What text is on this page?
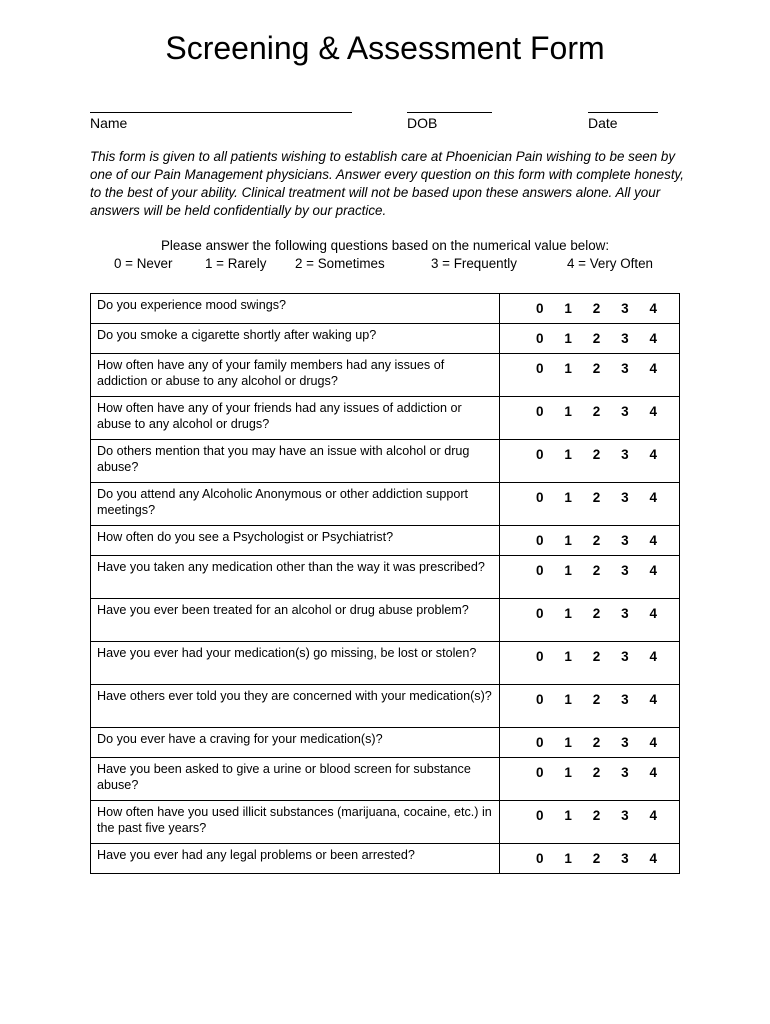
Screening & Assessment Form
Name	DOB	Date

This form is given to all patients wishing to establish care at Phoenician Pain wishing to be seen by one of our Pain Management physicians. Answer every question on this form with complete honesty, to the best of your ability. Clinical treatment will not be based upon these answers alone. All your answers will be held confidentially by our practice.

Please answer the following questions based on the numerical value below:
0 = Never 1 = Rarely 2 = Sometimes	3 = Frequently	4 = Very Often
Do you experience mood swings?	0 1 2 3 4

Do you smoke a cigarette shortly after waking up?	0 1 2 3 4

How often have any of your family members had any issues of addiction or abuse to any alcohol or drugs?	0 1 2 3 4

How often have any of your friends had any issues of addiction or abuse to any alcohol or drugs?	0 1 2 3 4

Do others mention that you may have an issue with alcohol or drug abuse?	0 1 2 3 4

Do you attend any Alcoholic Anonymous or other addiction support meetings?	0 1 2 3 4

How often do you see a Psychologist or Psychiatrist?	0 1 2 3 4

Have you taken any medication other than the way it was prescribed?	0 1 2 3 4

Have you ever been treated for an alcohol or drug abuse problem?	0 1 2 3 4

Have you ever had your medication(s) go missing, be lost or stolen?	0 1 2 3 4

Have others ever told you they are concerned with your medication(s)?	0 1 2 3 4

Do you ever have a craving for your medication(s)?	0 1 2 3 4

Have you been asked to give a urine or blood screen for substance abuse?	0 1 2 3 4

How often have you used illicit substances (marijuana, cocaine, etc.) in the past five years?	0 1 2 3 4

Have you ever had any legal problems or been arrested?	0 1 2 3 4
